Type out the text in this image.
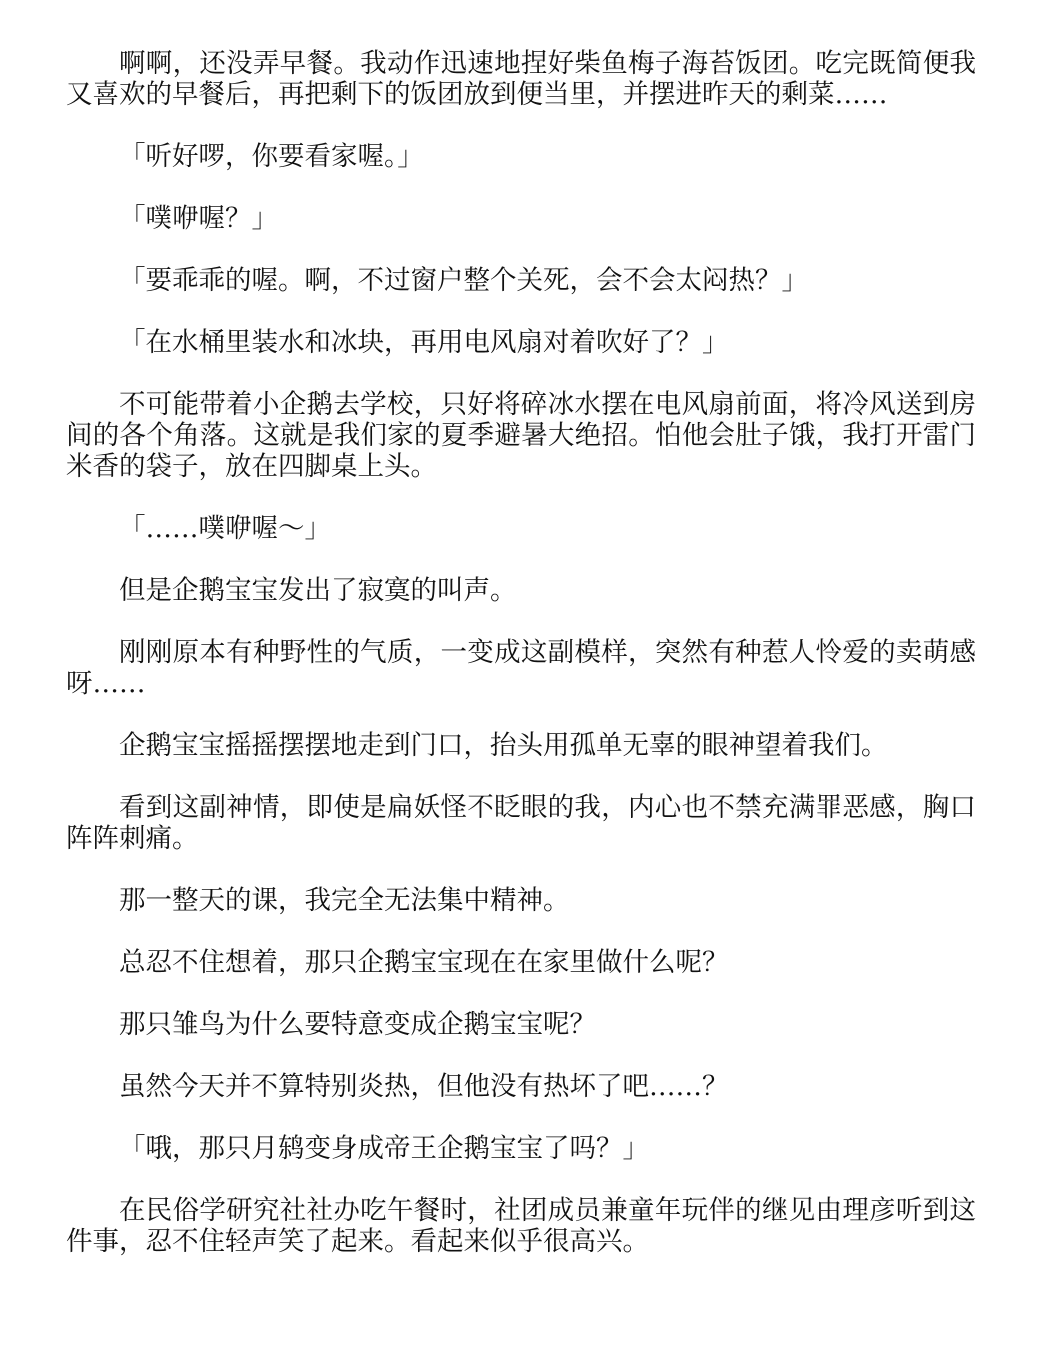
啊啊，还没弄早餐。我动作迅速地捏好柴鱼梅子海苔饭团。吃完既简便我又喜欢的早餐后，再把剩下的饭团放到便当里，并摆进昨天的剩菜……

「听好啰，你要看家喔。」

「噗咿喔？」

「要乖乖的喔。啊，不过窗户整个关死，会不会太闷热？」

「在水桶里装水和冰块，再用电风扇对着吹好了？」

不可能带着小企鹅去学校，只好将碎冰水摆在电风扇前面，将冷风送到房间的各个角落。这就是我们家的夏季避暑大绝招。怕他会肚子饿，我打开雷门米香的袋子，放在四脚桌上头。

「……噗咿喔～」

但是企鹅宝宝发出了寂寞的叫声。

刚刚原本有种野性的气质，一变成这副模样，突然有种惹人怜爱的卖萌感呀……

企鹅宝宝摇摇摆摆地走到门口，抬头用孤单无辜的眼神望着我们。

看到这副神情，即使是扁妖怪不眨眼的我，内心也不禁充满罪恶感，胸口阵阵刺痛。

那一整天的课，我完全无法集中精神。

总忍不住想着，那只企鹅宝宝现在在家里做什么呢？

那只雏鸟为什么要特意变成企鹅宝宝呢？

虽然今天并不算特别炎热，但他没有热坏了吧……？

「哦，那只月鸫变身成帝王企鹅宝宝了吗？」

在民俗学研究社社办吃午餐时，社团成员兼童年玩伴的继见由理彦听到这件事，忍不住轻声笑了起来。看起来似乎很高兴。
